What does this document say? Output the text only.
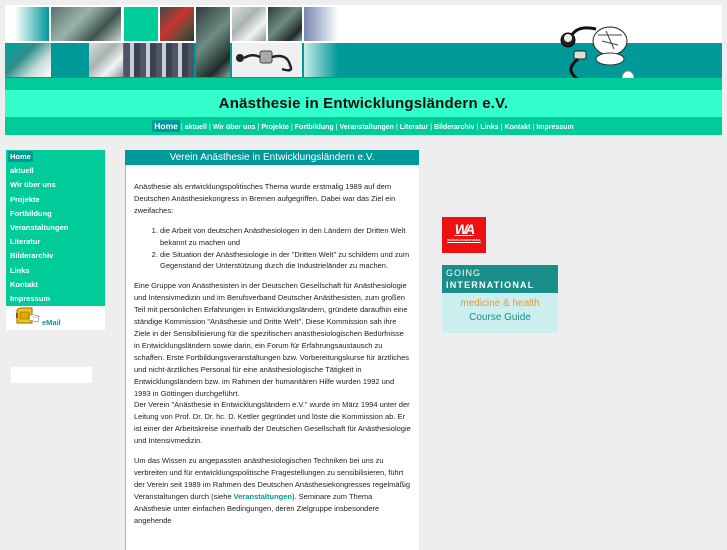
Anästhesie in Entwicklungsländern e.V.
Home | aktuell | Wir über uns | Projekte | Fortbildung | Veranstaltungen | Literatur | Bilderarchiv | Links | Kontakt | Impressum
Home
aktuell
Wir über uns
Projekte
Fortbildung
Veranstaltungen
Literatur
Bilderarchiv
Links
Kontakt
Impressum
eMail
Verein Anästhesie in Entwicklungsländern e.V.

Anästhesie als entwicklungspolitisches Thema wurde erstmalig 1989 auf dem Deutschen Anästhesiekongress in Bremen aufgegriffen. Dabei war das Ziel ein zweifaches:

1. die Arbeit von deutschen Anästhesiologen in den Ländern der Dritten Welt bekannt zu machen und
2. die Situation der Anästhesiologie in der "Dritten Welt" zu schildern und zum Gegenstand der Unterstützung durch die Industrieländer zu machen.

Eine Gruppe von Anästhesisten in der Deutschen Gesellschaft für Anästhesiologie und Intensivmedizin und im Berufsverband Deutscher Anästhesisten, zum großen Teil mit persönlichen Erfahrungen in Entwicklungsländern, gründete daraufhin eine ständige Kommission "Anästhesie und Dritte Welt". Diese Kommission sah ihre Ziele in der Sensibilisierung für die spezifischen anästhesiologischen Bedürfnisse in Entwicklungsländern sowie darin, ein Forum für Erfahrungsaustausch zu schaffen. Erste Fortbildungsveranstaltungen bzw. Vorbereitungskurse für ärztliches und nicht-ärztliches Personal für eine anästhesiologische Tätigkeit in Entwicklungsländern bzw. im Rahmen der humanitären Hilfe wurden 1992 und 1993 in Göttingen durchgeführt.
Der Verein "Anästhesie in Entwicklungsländern e.V." wurde im März 1994 unter der Leitung von Prof. Dr. Dr. hc. D. Kettler gegründet und löste die Kommission ab. Er ist einer der Arbeitskreise innerhalb der Deutschen Gesellschaft für Anästhesiologie und Intensivmedizin.

Um das Wissen zu angepassten anästhesiologischen Techniken bei uns zu verbreiten und für entwicklungspolitische Fragestellungen zu sensibilisieren, führt der Verein seit 1989 im Rahmen des Deutschen Anästhesiekongresses regelmäßig Veranstaltungen durch (siehe Veranstaltungen). Seminare zum Thema Anästhesie unter einfachen Bedingungen, deren Zielgruppe insbesondere angehende

WA
WORLD ANAESTHESIA
GOING
INTERNATIONAL
medicine & health
Course Guide
